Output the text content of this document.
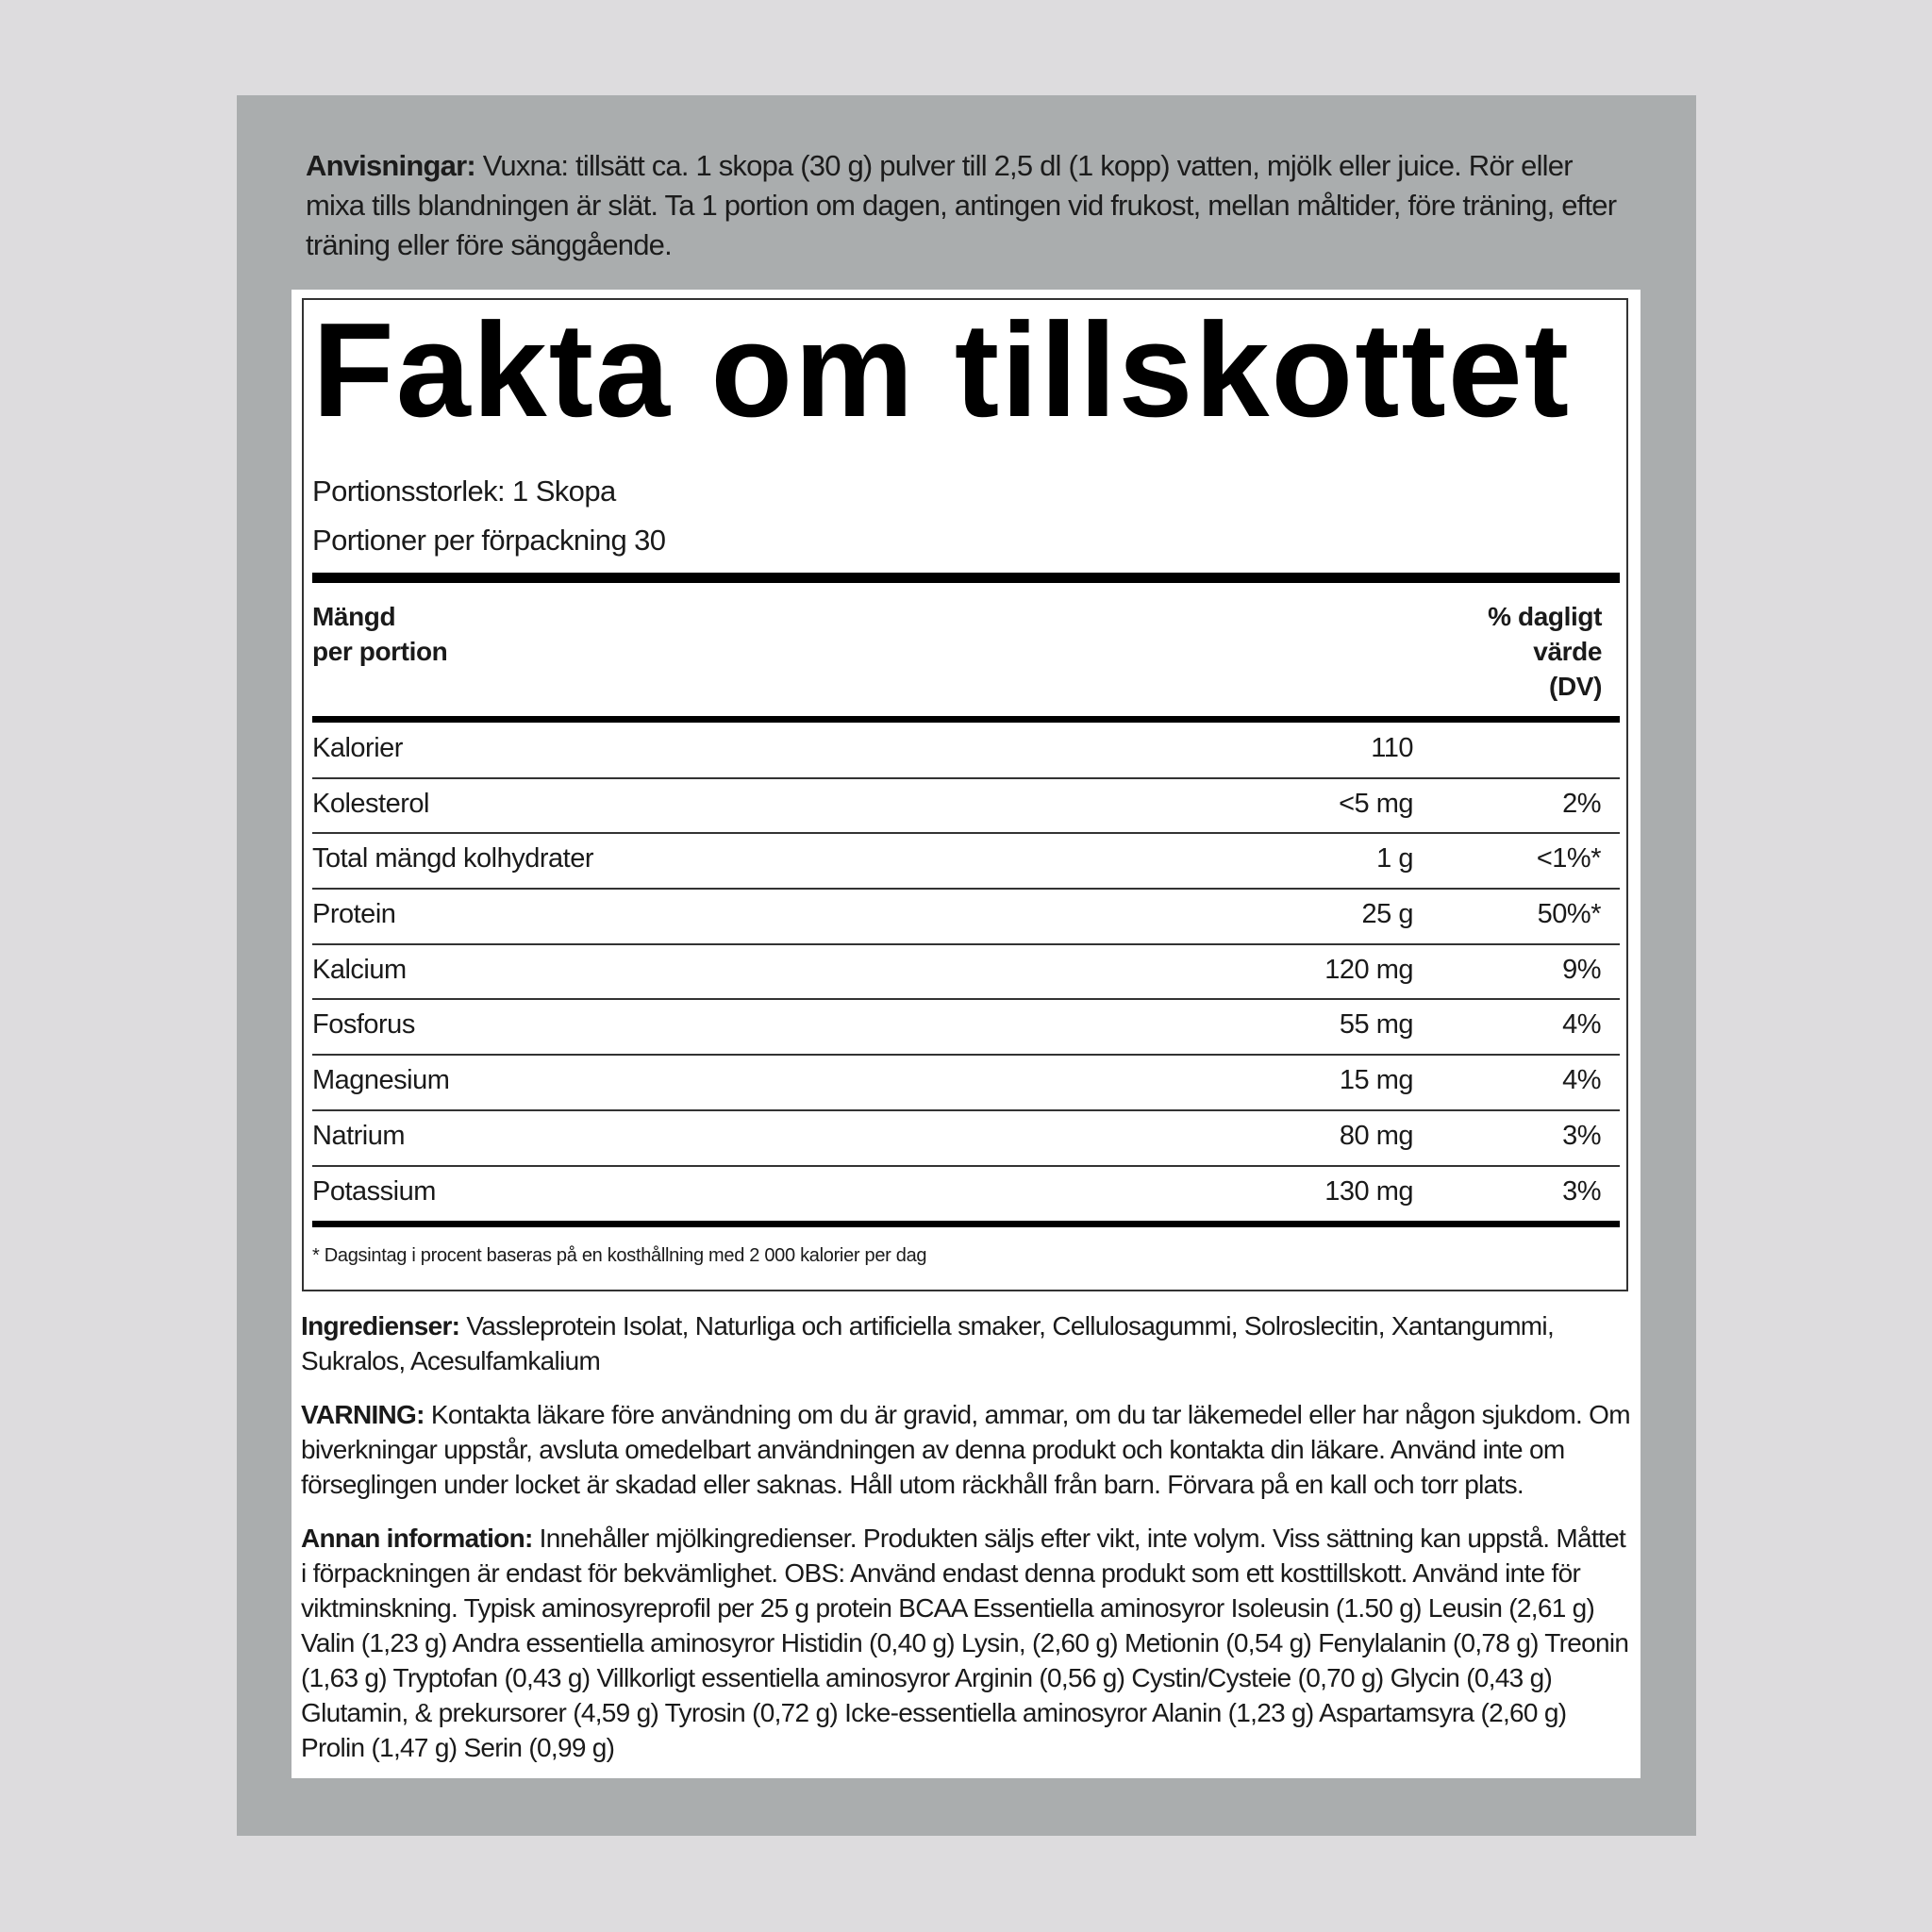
Anvisningar: Vuxna: tillsätt ca. 1 skopa (30 g) pulver till 2,5 dl (1 kopp) vatten, mjölk eller juice. Rör eller mixa tills blandningen är slät. Ta 1 portion om dagen, antingen vid frukost, mellan måltider, före träning, efter träning eller före sänggående.
Fakta om tillskottet
Portionsstorlek: 1 Skopa
Portioner per förpackning 30
Mängd
per portion
% dagligt
värde
(DV)
Kalorier	110
Kolesterol	<5 mg	2%
Total mängd kolhydrater	1 g	<1%*
Protein	25 g	50%*
Kalcium	120 mg	9%
Fosforus	55 mg	4%
Magnesium	15 mg	4%
Natrium	80 mg	3%
Potassium	130 mg	3%
* Dagsintag i procent baseras på en kosthållning med 2 000 kalorier per dag
Ingredienser: Vassleprotein Isolat, Naturliga och artificiella smaker, Cellulosagummi, Solroslecitin, Xantangummi, Sukralos, Acesulfamkalium
VARNING: Kontakta läkare före användning om du är gravid, ammar, om du tar läkemedel eller har någon sjukdom. Om biverkningar uppstår, avsluta omedelbart användningen av denna produkt och kontakta din läkare. Använd inte om förseglingen under locket är skadad eller saknas. Håll utom räckhåll från barn. Förvara på en kall och torr plats.
Annan information: Innehåller mjölkingredienser. Produkten säljs efter vikt, inte volym. Viss sättning kan uppstå. Måttet i förpackningen är endast för bekvämlighet. OBS: Använd endast denna produkt som ett kosttillskott. Använd inte för viktminskning. Typisk aminosyreprofil per 25 g protein BCAA Essentiella aminosyror Isoleusin (1.50 g) Leusin (2,61 g) Valin (1,23 g) Andra essentiella aminosyror Histidin (0,40 g) Lysin, (2,60 g) Metionin (0,54 g) Fenylalanin (0,78 g) Treonin (1,63 g) Tryptofan (0,43 g) Villkorligt essentiella aminosyror Arginin (0,56 g) Cystin/Cysteie (0,70 g) Glycin (0,43 g) Glutamin, & prekursorer (4,59 g) Tyrosin (0,72 g) Icke-essentiella aminosyror Alanin (1,23 g) Aspartamsyra (2,60 g) Prolin (1,47 g) Serin (0,99 g)
